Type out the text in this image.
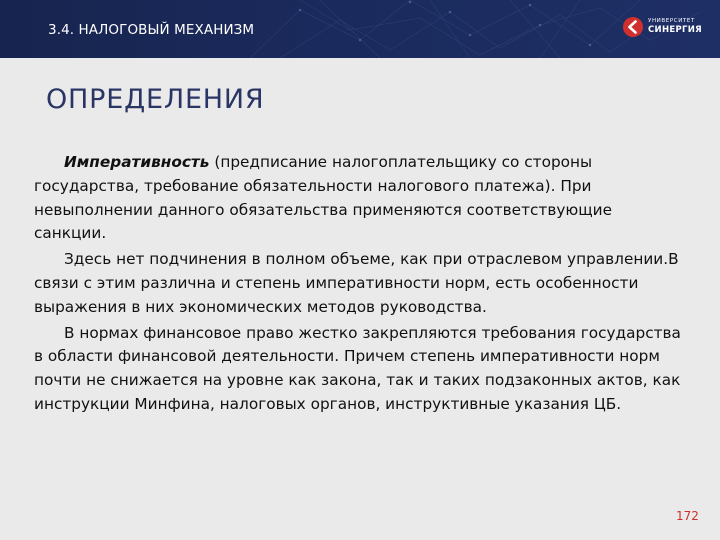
3.4. НАЛОГОВЫЙ МЕХАНИЗМ
УНИВЕРСИТЕТ
СИНЕРГИЯ
ОПРЕДЕЛЕНИЯ

Императивность (предписание налогоплательщику со стороны государства, требование обязательности налогового платежа). При невыполнении данного обязательства применяются соответствующие санкции.

Здесь нет подчинения в полном объеме, как при отраслевом управлении.В связи с этим различна и степень императивности норм, есть особенности выражения в них экономических методов руководства.

В нормах финансовое право жестко закрепляются требования государства в области финансовой деятельности. Причем степень императивности норм почти не снижается на уровне как закона, так и таких подзаконных актов, как инструкции Минфина, налоговых органов, инструктивные указания ЦБ.

172
